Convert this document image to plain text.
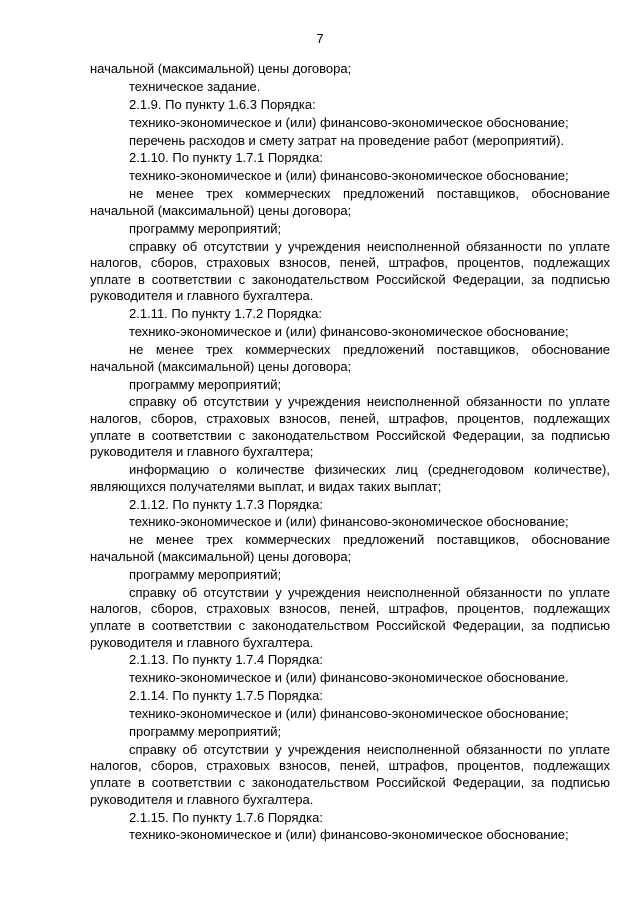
7

начальной (максимальной) цены договора;

техническое задание.

2.1.9. По пункту 1.6.3 Порядка:

технико-экономическое и (или) финансово-экономическое обоснование;

перечень расходов и смету затрат на проведение работ (мероприятий).

2.1.10. По пункту 1.7.1 Порядка:

технико-экономическое и (или) финансово-экономическое обоснование;

не менее трех коммерческих предложений поставщиков, обоснование начальной (максимальной) цены договора;

программу мероприятий;

справку об отсутствии у учреждения неисполненной обязанности по уплате налогов, сборов, страховых взносов, пеней, штрафов, процентов, подлежащих уплате в соответствии с законодательством Российской Федерации, за подписью руководителя и главного бухгалтера.

2.1.11. По пункту 1.7.2 Порядка:

технико-экономическое и (или) финансово-экономическое обоснование;

не менее трех коммерческих предложений поставщиков, обоснование начальной (максимальной) цены договора;

программу мероприятий;

справку об отсутствии у учреждения неисполненной обязанности по уплате налогов, сборов, страховых взносов, пеней, штрафов, процентов, подлежащих уплате в соответствии с законодательством Российской Федерации, за подписью руководителя и главного бухгалтера;

информацию о количестве физических лиц (среднегодовом количестве), являющихся получателями выплат, и видах таких выплат;

2.1.12. По пункту 1.7.3 Порядка:

технико-экономическое и (или) финансово-экономическое обоснование;

не менее трех коммерческих предложений поставщиков, обоснование начальной (максимальной) цены договора;

программу мероприятий;

справку об отсутствии у учреждения неисполненной обязанности по уплате налогов, сборов, страховых взносов, пеней, штрафов, процентов, подлежащих уплате в соответствии с законодательством Российской Федерации, за подписью руководителя и главного бухгалтера.

2.1.13. По пункту 1.7.4 Порядка:

технико-экономическое и (или) финансово-экономическое обоснование.

2.1.14. По пункту 1.7.5 Порядка:

технико-экономическое и (или) финансово-экономическое обоснование;

программу мероприятий;

справку об отсутствии у учреждения неисполненной обязанности по уплате налогов, сборов, страховых взносов, пеней, штрафов, процентов, подлежащих уплате в соответствии с законодательством Российской Федерации, за подписью руководителя и главного бухгалтера.

2.1.15. По пункту 1.7.6 Порядка:

технико-экономическое и (или) финансово-экономическое обоснование;
